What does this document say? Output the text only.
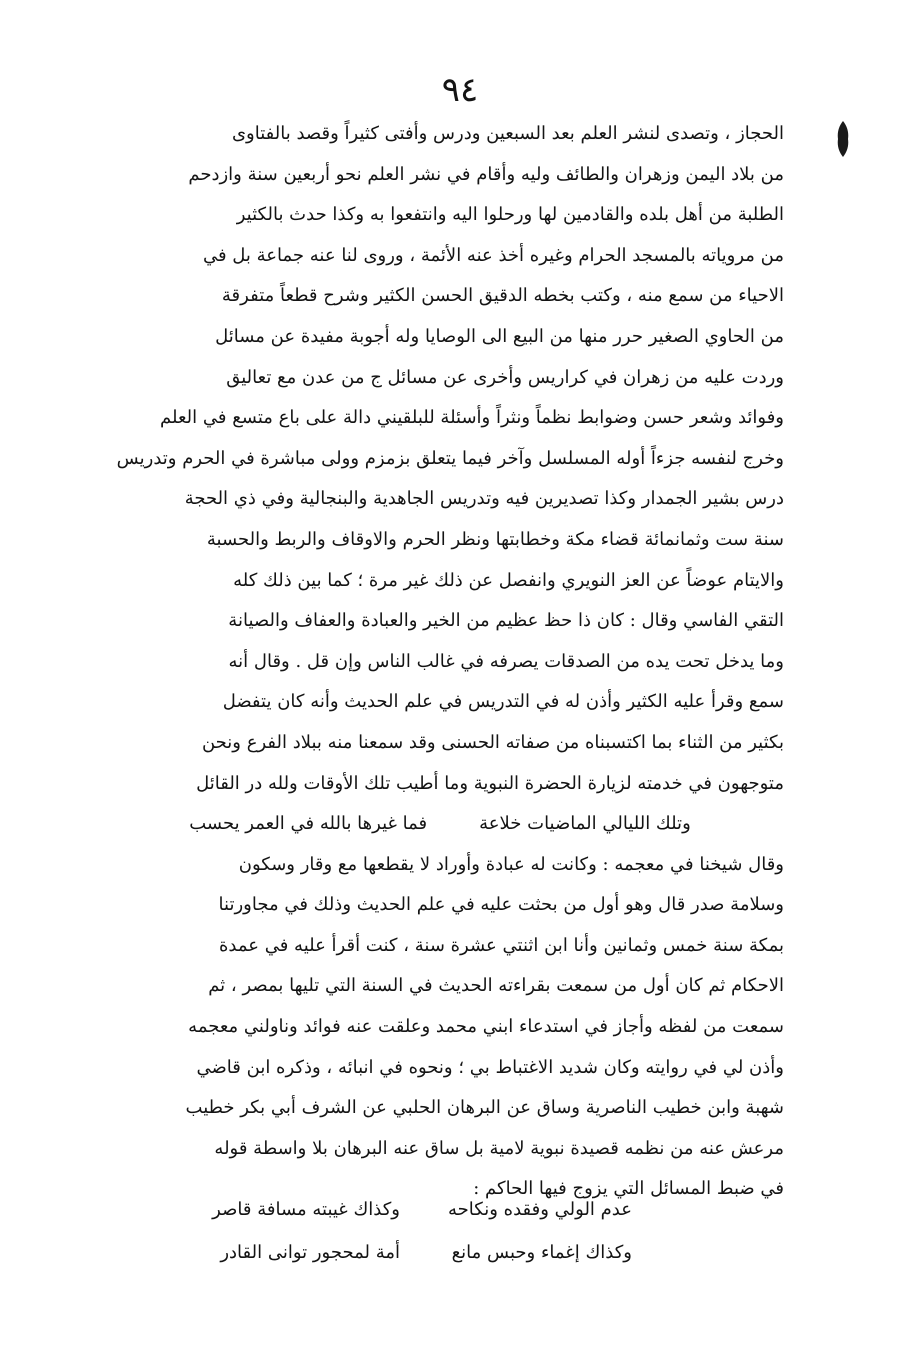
٩٤
الحجاز ، وتصدى لنشر العلم بعد السبعين ودرس وأفتى كثيراً وقصد بالفتاوى
من بلاد اليمن وزهران والطائف وليه وأقام في نشر العلم نحو أربعين سنة وازدحم
الطلبة من أهل بلده والقادمين لها ورحلوا اليه وانتفعوا به وكذا حدث بالكثير
من مروياته بالمسجد الحرام وغيره أخذ عنه الأئمة ، وروى لنا عنه جماعة بل في
الاحياء من سمع منه ، وكتب بخطه الدقيق الحسن الكثير وشرح قطعاً متفرقة
من الحاوي الصغير حرر منها من البيع الى الوصايا وله أجوبة مفيدة عن مسائل
وردت عليه من زهران في كراريس وأخرى عن مسائل ج من عدن مع تعاليق
وفوائد وشعر حسن وضوابط نظماً ونثراً وأسئلة للبلقيني دالة على باع متسع في العلم
وخرج لنفسه جزءاً أوله المسلسل وآخر فيما يتعلق بزمزم وولى مباشرة في الحرم وتدريس
درس بشير الجمدار وكذا تصديرين فيه وتدريس الجاهدية والبنجالية وفي ذي الحجة
سنة ست وثمانمائة قضاء مكة وخطابتها ونظر الحرم والاوقاف والربط والحسبة
والايتام عوضاً عن العز النويري وانفصل عن ذلك غير مرة ؛ كما بين ذلك كله
التقي الفاسي وقال : كان ذا حظ عظيم من الخير والعبادة والعفاف والصيانة
وما يدخل تحت يده من الصدقات يصرفه في غالب الناس وإن قل . وقال أنه
سمع وقرأ عليه الكثير وأذن له في التدريس في علم الحديث وأنه كان يتفضل
بكثير من الثناء بما اكتسبناه من صفاته الحسنى وقد سمعنا منه ببلاد الفرع ونحن
متوجهون في خدمته لزيارة الحضرة النبوية وما أطيب تلك الأوقات ولله در القائل
وتلك الليالي الماضيات خلاعةفما غيرها بالله في العمر يحسب
وقال شيخنا في معجمه : وكانت له عبادة وأوراد لا يقطعها مع وقار وسكون
وسلامة صدر قال وهو أول من بحثت عليه في علم الحديث وذلك في مجاورتنا
بمكة سنة خمس وثمانين وأنا ابن اثنتي عشرة سنة ، كنت أقرأ عليه في عمدة
الاحكام ثم كان أول من سمعت بقراءته الحديث في السنة التي تليها بمصر ، ثم
سمعت من لفظه وأجاز في استدعاء ابني محمد وعلقت عنه فوائد وناولني معجمه
وأذن لي في روايته وكان شديد الاغتباط بي ؛ ونحوه في انبائه ، وذكره ابن قاضي
شهبة وابن خطيب الناصرية وساق عن البرهان الحلبي عن الشرف أبي بكر خطيب
مرعش عنه من نظمه قصيدة نبوية لامية بل ساق عنه البرهان بلا واسطة قوله
في ضبط المسائل التي يزوج فيها الحاكم :
عدم الولي وفقده ونكاحهوكذاك غيبته مسافة قاصر
وكذاك إغماء وحبس مانعأمة لمحجور توانى القادر
